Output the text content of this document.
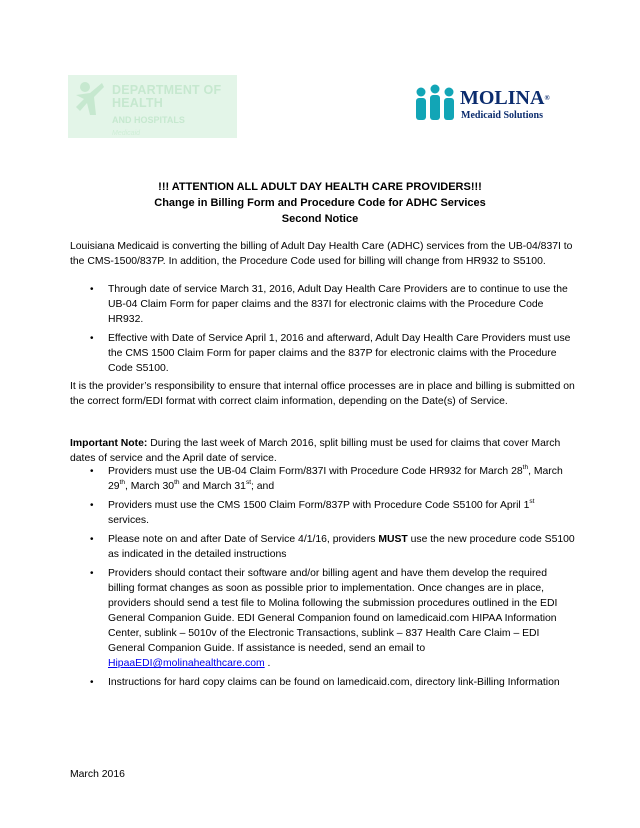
DEPARTMENT OF
HEALTH
AND HOSPITALS
Medicaid
MOLINA®
Medicaid Solutions
!!! ATTENTION ALL ADULT DAY HEALTH CARE PROVIDERS!!!
Change in Billing Form and Procedure Code for ADHC Services
Second Notice

Louisiana Medicaid is converting the billing of Adult Day Health Care (ADHC) services from the UB-04/837I to the CMS-1500/837P. In addition, the Procedure Code used for billing will change from HR932 to S5100.

• Through date of service March 31, 2016, Adult Day Health Care Providers are to continue to use the UB-04 Claim Form for paper claims and the 837I for electronic claims with the Procedure Code HR932.
• Effective with Date of Service April 1, 2016 and afterward, Adult Day Health Care Providers must use the CMS 1500 Claim Form for paper claims and the 837P for electronic claims with the Procedure Code S5100.

It is the provider’s responsibility to ensure that internal office processes are in place and billing is submitted on the correct form/EDI format with correct claim information, depending on the Date(s) of Service.

Important Note: During the last week of March 2016, split billing must be used for claims that cover March dates of service and the April date of service.

• Providers must use the UB-04 Claim Form/837I with Procedure Code HR932 for March 28th, March 29th, March 30th and March 31st; and
• Providers must use the CMS 1500 Claim Form/837P with Procedure Code S5100 for April 1st services.
• Please note on and after Date of Service 4/1/16, providers MUST use the new procedure code S5100 as indicated in the detailed instructions
• Providers should contact their software and/or billing agent and have them develop the required billing format changes as soon as possible prior to implementation. Once changes are in place, providers should send a test file to Molina following the submission procedures outlined in the EDI General Companion Guide. EDI General Companion found on lamedicaid.com HIPAA Information Center, sublink – 5010v of the Electronic Transactions, sublink – 837 Health Care Claim – EDI General Companion Guide. If assistance is needed, send an email to HipaaEDI@molinahealthcare.com .
• Instructions for hard copy claims can be found on lamedicaid.com, directory link-Billing Information
March 2016
